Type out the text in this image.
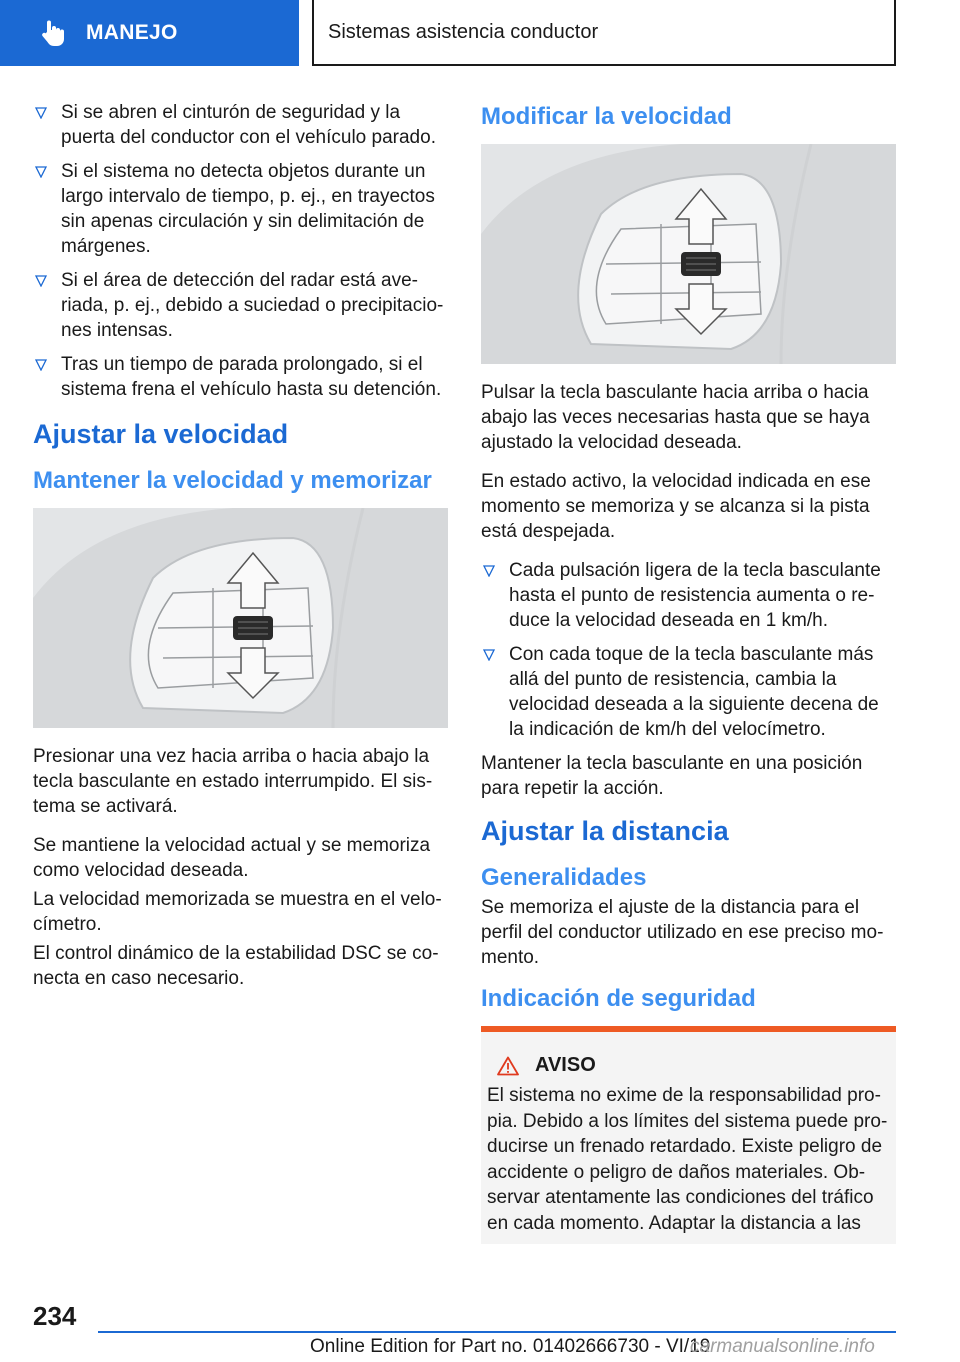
MANEJO	Sistemas asistencia conductor
Si se abren el cinturón de seguridad y la puerta del conductor con el vehículo parado.
Si el sistema no detecta objetos durante un largo intervalo de tiempo, p. ej., en trayectos sin apenas circulación y sin delimitación de márgenes.
Si el área de detección del radar está averiada, p. ej., debido a suciedad o precipitaciones intensas.
Tras un tiempo de parada prolongado, si el sistema frena el vehículo hasta su detención.
Ajustar la velocidad
Mantener la velocidad y memorizar

Presionar una vez hacia arriba o hacia abajo la tecla basculante en estado interrumpido. El sistema se activará.

Se mantiene la velocidad actual y se memoriza como velocidad deseada.

La velocidad memorizada se muestra en el velocímetro.

El control dinámico de la estabilidad DSC se conecta en caso necesario.

Modificar la velocidad

Pulsar la tecla basculante hacia arriba o hacia abajo las veces necesarias hasta que se haya ajustado la velocidad deseada.

En estado activo, la velocidad indicada en ese momento se memoriza y se alcanza si la pista está despejada.

Cada pulsación ligera de la tecla basculante hasta el punto de resistencia aumenta o reduce la velocidad deseada en 1 km/h.
Con cada toque de la tecla basculante más allá del punto de resistencia, cambia la velocidad deseada a la siguiente decena de la indicación de km/h del velocímetro.

Mantener la tecla basculante en una posición para repetir la acción.

Ajustar la distancia
Generalidades

Se memoriza el ajuste de la distancia para el perfil del conductor utilizado en ese preciso momento.

Indicación de seguridad
AVISO

El sistema no exime de la responsabilidad propia. Debido a los límites del sistema puede producirse un frenado retardado. Existe peligro de accidente o peligro de daños materiales. Observar atentamente las condiciones del tráfico en cada momento. Adaptar la distancia a las

234
Online Edition for Part no. 01402666730 - VI/19
carmanualsonline.info
